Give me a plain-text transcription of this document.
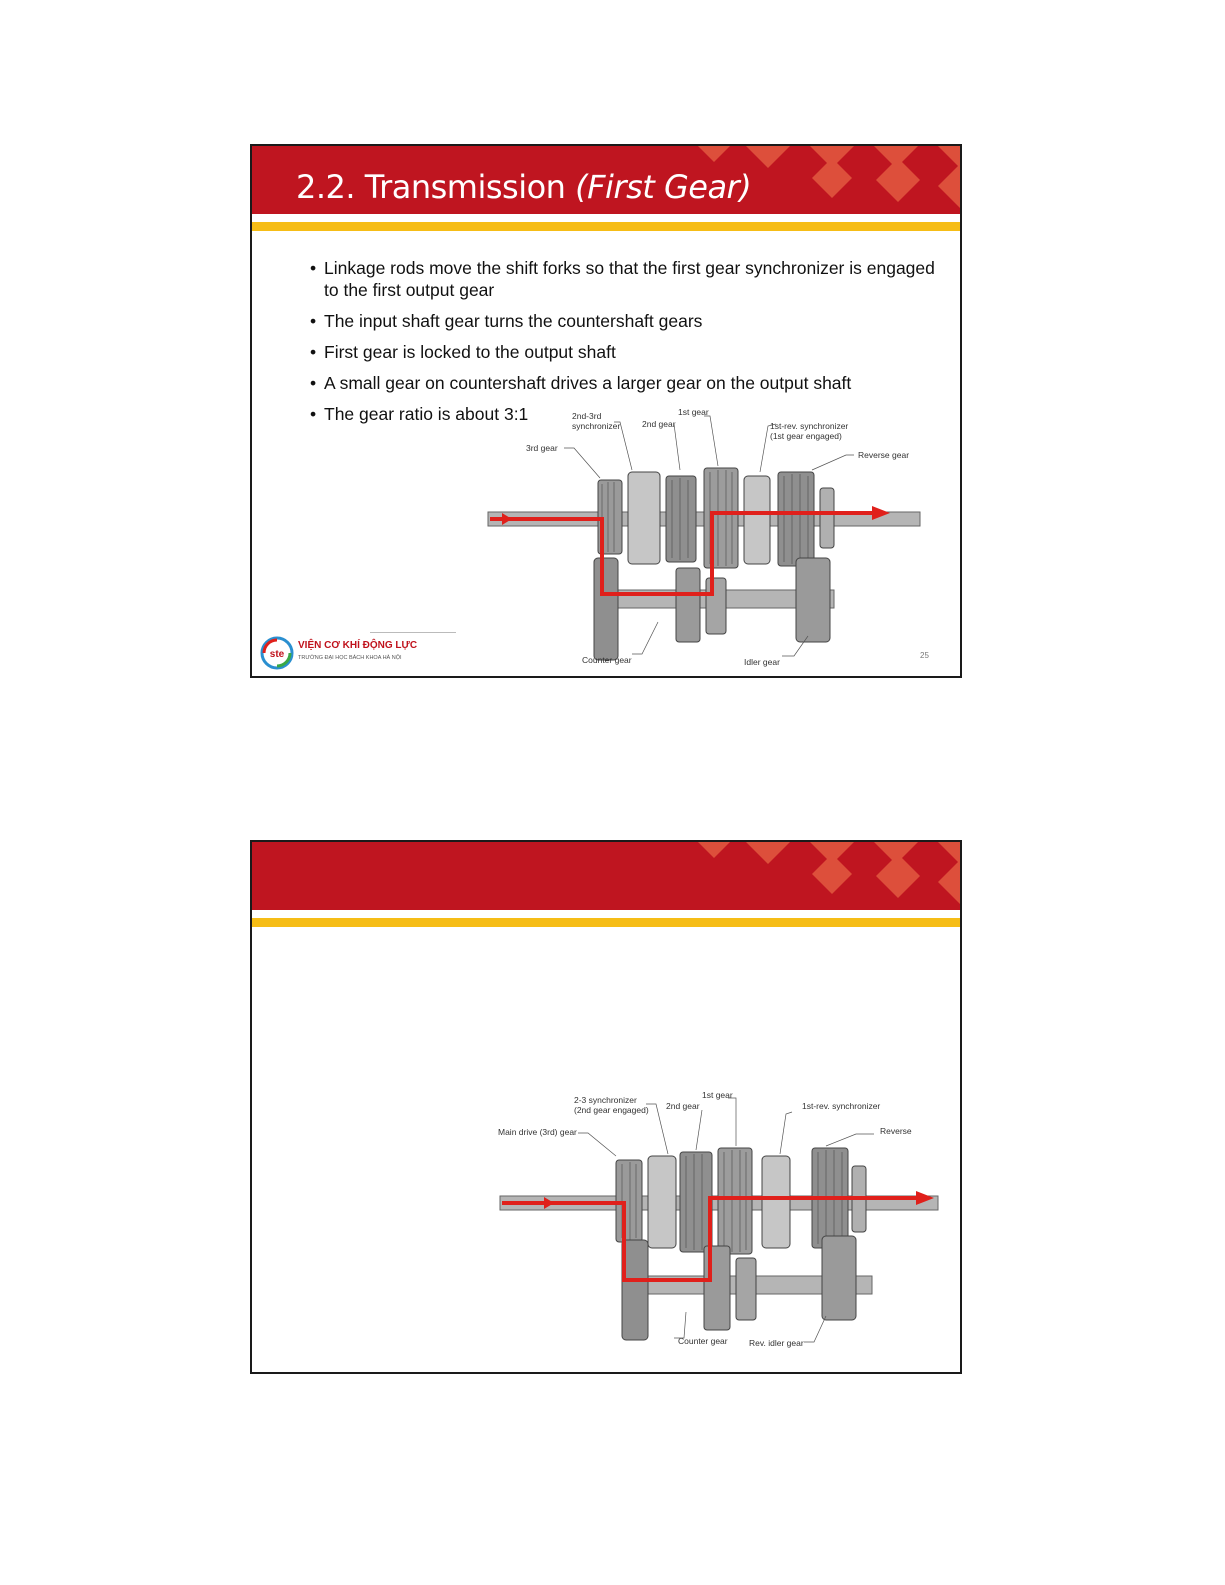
2.2. Transmission (First Gear)
• Linkage rods move the shift forks so that the first gear synchronizer is engaged to the first output gear
• The input shaft gear turns the countershaft gears
• First gear is locked to the output shaft
• A small gear on countershaft drives a larger gear on the output shaft
• The gear ratio is about 3:1	2nd-3rd
synchronizer	2nd gear
1st gear
1st-rev. synchronizer
(1st gear engaged)
3rd gear
Reverse gear
Counter gear	Idler gear
ste
VIỆN CƠ KHÍ ĐỘNG LỰC
TRƯỜNG ĐẠI HỌC BÁCH KHOA HÀ NỘI	25
2-3 synchronizer
(2nd gear engaged) 2nd gear
1st gear
1st-rev. synchronizer
Main drive (3rd) gear	Reverse
Counter gear	Rev. idler gear
